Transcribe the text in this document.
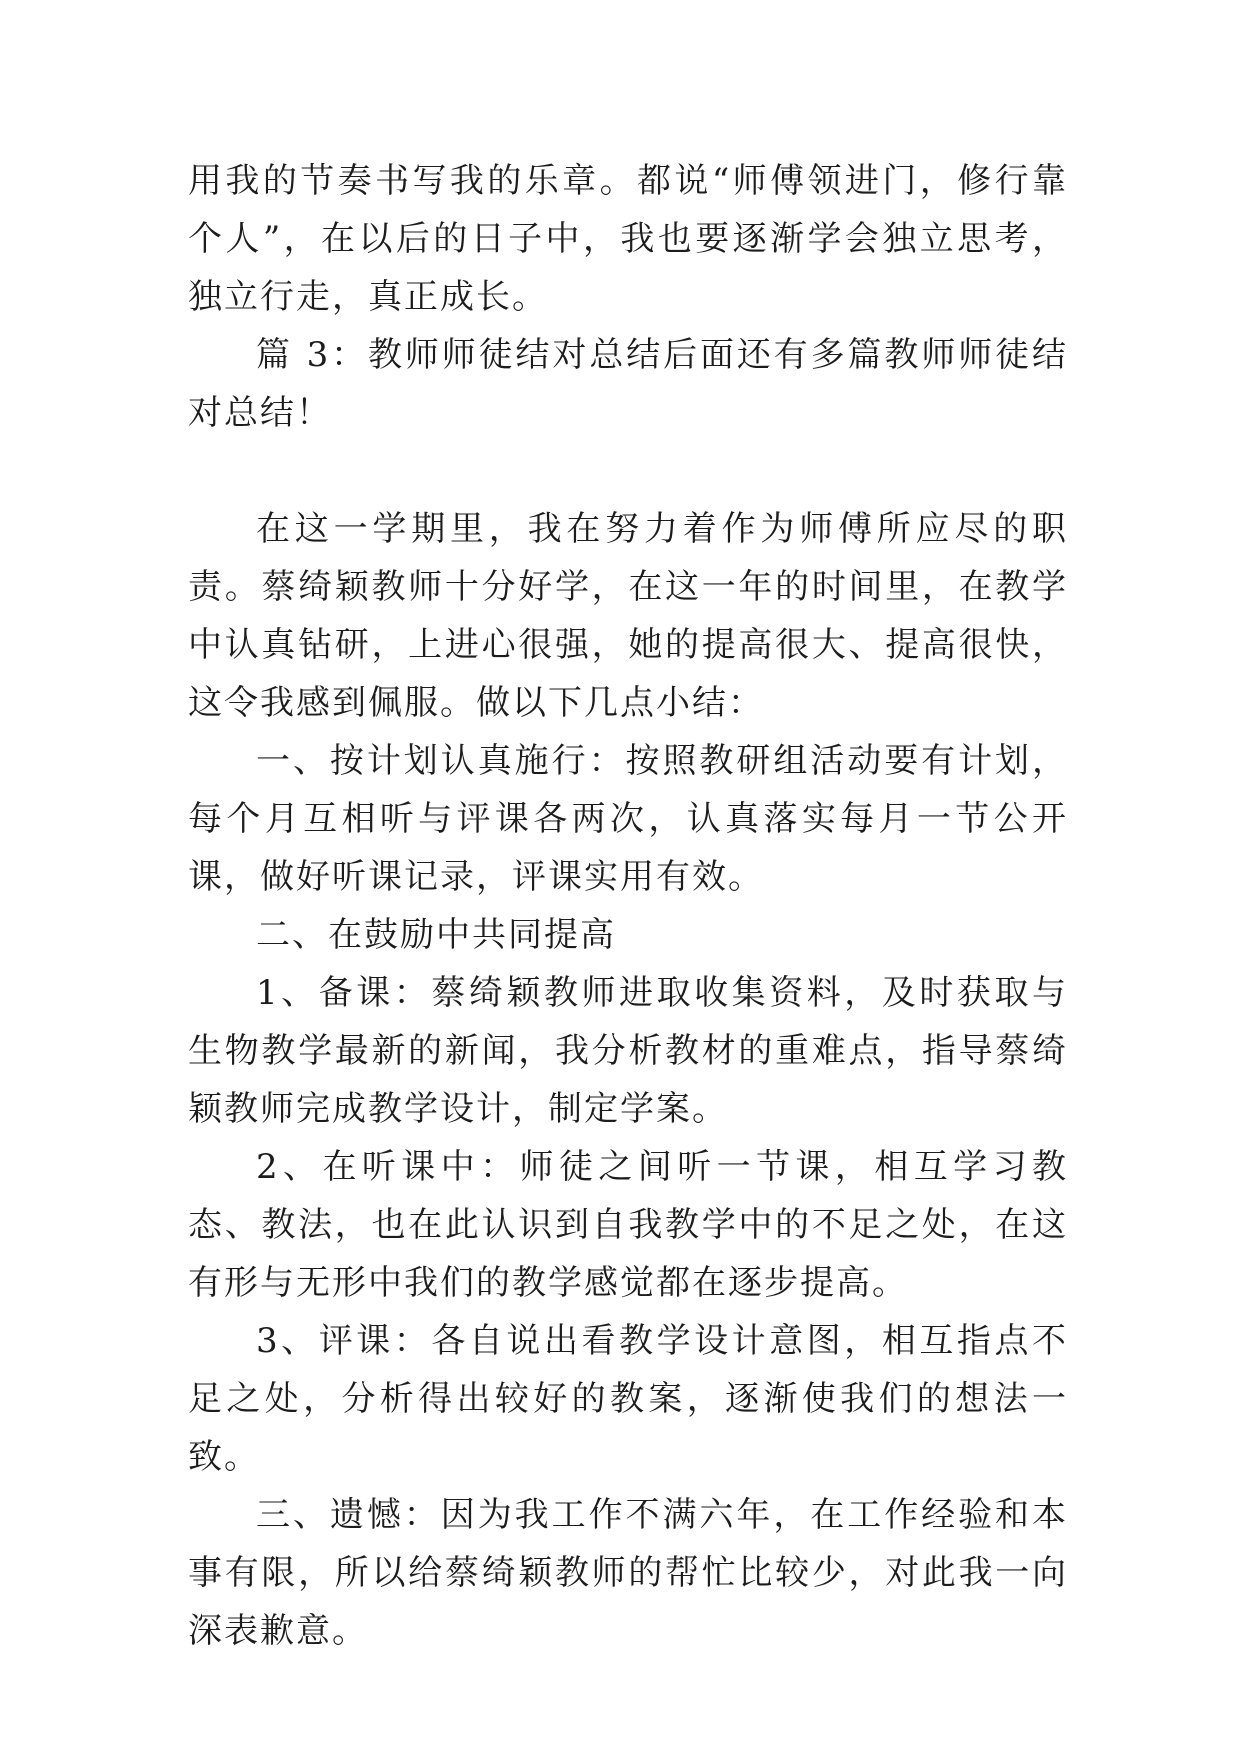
用我的节奏书写我的乐章。都说“师傅领进门，修行靠个人”，在以后的日子中，我也要逐渐学会独立思考，独立行走，真正成长。

篇 3：教师师徒结对总结后面还有多篇教师师徒结对总结！

在这一学期里，我在努力着作为师傅所应尽的职责。蔡绮颖教师十分好学，在这一年的时间里，在教学中认真钻研，上进心很强，她的提高很大、提高很快，这令我感到佩服。做以下几点小结：

一、按计划认真施行：按照教研组活动要有计划，每个月互相听与评课各两次，认真落实每月一节公开课，做好听课记录，评课实用有效。

二、在鼓励中共同提高

1、备课：蔡绮颖教师进取收集资料，及时获取与生物教学最新的新闻，我分析教材的重难点，指导蔡绮颖教师完成教学设计，制定学案。

2、在听课中：师徒之间听一节课，相互学习教态、教法，也在此认识到自我教学中的不足之处，在这有形与无形中我们的教学感觉都在逐步提高。

3、评课：各自说出看教学设计意图，相互指点不足之处，分析得出较好的教案，逐渐使我们的想法一致。

三、遗憾：因为我工作不满六年，在工作经验和本事有限，所以给蔡绮颖教师的帮忙比较少，对此我一向深表歉意。
